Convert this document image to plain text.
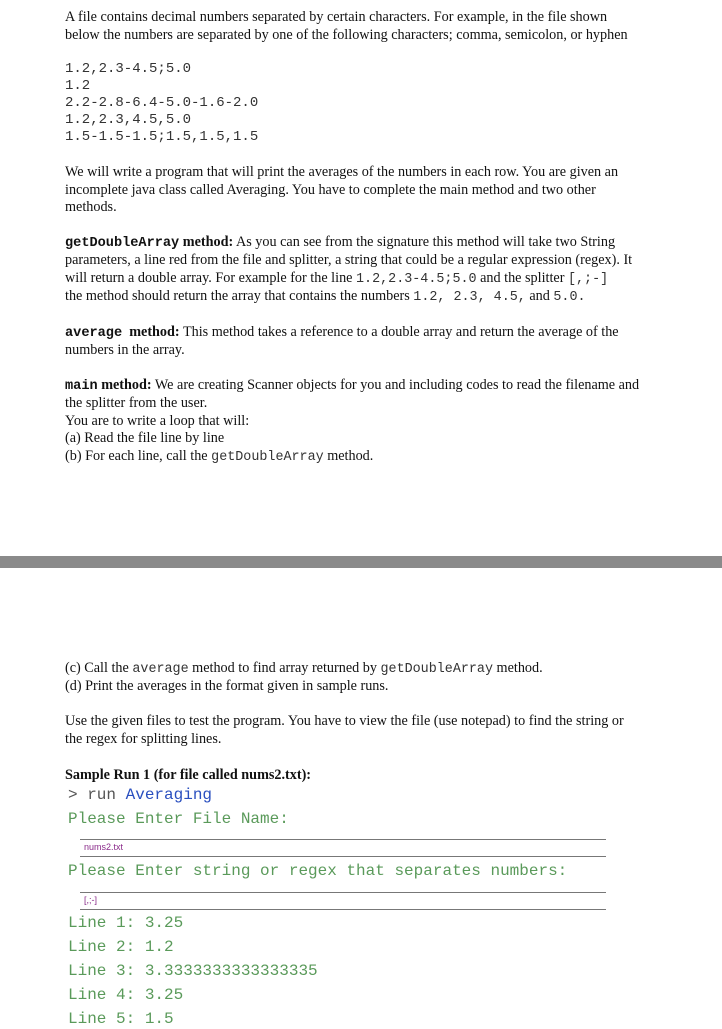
A file contains decimal numbers separated by certain characters. For example, in the file shown

below the numbers are separated by one of the following characters; comma, semicolon, or hyphen

1.2,2.3-4.5;5.0
1.2
2.2-2.8-6.4-5.0-1.6-2.0
1.2,2.3,4.5,5.0
1.5-1.5-1.5;1.5,1.5,1.5

We will write a program that will print the averages of the numbers in each row. You are given an

incomplete java class called Averaging. You have to complete the main method and two other

methods.

getDoubleArray method: As you can see from the signature this method will take two String

parameters, a line red from the file and splitter, a string that could be a regular expression (regex). It

will return a double array. For example for the line 1.2,2.3-4.5;5.0 and the splitter [,;-]

the method should return the array that contains the numbers 1.2, 2.3, 4.5, and 5.0.

average  method: This method takes a reference to a double array and return the average of the

numbers in the array.

main method: We are creating Scanner objects for you and including codes to read the filename and

the splitter from the user.

You are to write a loop that will:

(a) Read the file line by line

(b) For each line, call the getDoubleArray method.

(c) Call the average method to find array returned by getDoubleArray method.

(d) Print the averages in the format given in sample runs.

Use the given files to test the program. You have to view the file (use notepad) to find the string or

the regex for splitting lines.

Sample Run 1 (for file called nums2.txt):

> run Averaging
Please Enter File Name:
nums2.txt
Please Enter string or regex that separates numbers:
[,;-]
Line 1: 3.25
Line 2: 1.2
Line 3: 3.3333333333333335
Line 4: 3.25
Line 5: 1.5
